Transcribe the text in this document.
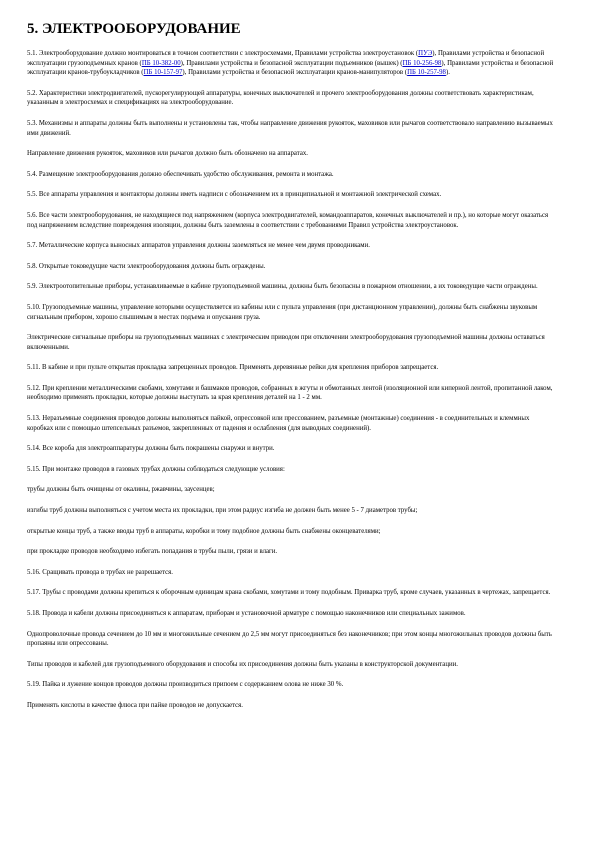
5. ЭЛЕКТРООБОРУДОВАНИЕ

5.1. Электрооборудование должно монтироваться в точном соответствии с электросхемами, Правилами устройства электроустановок (ПУЭ), Правилами устройства и безопасной эксплуатации грузоподъемных кранов (ПБ 10-382-00), Правилами устройства и безопасной эксплуатации подъемников (вышек) (ПБ 10-256-98), Правилами устройства и безопасной эксплуатации кранов-трубоукладчиков (ПБ 10-157-97), Правилами устройства и безопасной эксплуатации кранов-манипуляторов (ПБ 10-257-98).

5.2. Характеристики электродвигателей, пускорегулирующей аппаратуры, конечных выключателей и прочего электрооборудования должны соответствовать характеристикам, указанным в электросхемах и спецификациях на электрооборудование.

5.3. Механизмы и аппараты должны быть выполнены и установлены так, чтобы направление движения рукояток, маховиков или рычагов соответствовало направлению вызываемых ими движений.

Направление движения рукояток, маховиков или рычагов должно быть обозначено на аппаратах.

5.4. Размещение электрооборудования должно обеспечивать удобство обслуживания, ремонта и монтажа.

5.5. Все аппараты управления и контакторы должны иметь надписи с обозначением их в принципиальной и монтажной электрической схемах.

5.6. Все части электрооборудования, не находящиеся под напряжением (корпуса электродвигателей, командоаппаратов, конечных выключателей и пр.), но которые могут оказаться под напряжением вследствие повреждения изоляции, должны быть заземлены в соответствии с требованиями Правил устройства электроустановок.

5.7. Металлические корпуса выносных аппаратов управления должны заземляться не менее чем двумя проводниками.

5.8. Открытые токоведущие части электрооборудования должны быть ограждены.

5.9. Электроотопительные приборы, устанавливаемые в кабине грузоподъемной машины, должны быть безопасны в пожарном отношении, а их токоведущие части ограждены.

5.10. Грузоподъемные машины, управление которыми осуществляется из кабины или с пульта управления (при дистанционном управлении), должны быть снабжены звуковым сигнальным прибором, хорошо слышимым в местах подъема и опускания груза.

Электрические сигнальные приборы на грузоподъемных машинах с электрическим приводом при отключении электрооборудования грузоподъемной машины должны оставаться включенными.

5.11. В кабине и при пульте открытая прокладка запрещенных проводов. Применять деревянные рейки для крепления приборов запрещается.

5.12. При креплении металлическими скобами, хомутами и башмаков проводов, собранных в жгуты и обмотанных лентой (изоляционной или киперной лентой, пропитанной лаком, необходимо применять прокладки, которые должны выступать за края крепления деталей на 1 - 2 мм.

5.13. Неразъемные соединения проводов должны выполняться пайкой, опрессовкой или прессованием, разъемные (монтажные) соединения - в соединительных и клеммных коробках или с помощью штепсельных разъемов, закрепленных от падения и ослабления (для выводных соединений).

5.14. Все короба для электроаппаратуры должны быть покрашены снаружи и внутри.

5.15. При монтаже проводов в газовых трубах должны соблюдаться следующие условия:

трубы должны быть очищены от окалины, ржавчины, заусенцев;

изгибы труб должны выполняться с учетом места их прокладки, при этом радиус изгиба не должен быть менее 5 - 7 диаметров трубы;

открытые концы труб, а также вводы труб в аппараты, коробки и тому подобное должны быть снабжены оконцевателями;

при прокладке проводов необходимо избегать попадания в трубы пыли, грязи и влаги.

5.16. Сращивать провода в трубах не разрешается.

5.17. Трубы с проводами должны крепиться к оборочным единицам крана скобами, хомутами и тому подобным. Приварка труб, кроме случаев, указанных в чертежах, запрещается.

5.18. Провода и кабели должны присоединяться к аппаратам, приборам и установочной арматуре с помощью наконечников или специальных зажимов.

Однопроволочные провода сечением до 10 мм и многожильные сечением до 2,5 мм могут присоединяться без наконечников; при этом концы многожильных проводов должны быть пропаяны или опрессованы.

Типы проводов и кабелей для грузоподъемного оборудования и способы их присоединения должны быть указаны в конструкторской документации.

5.19. Пайка и лужение концов проводов должны производиться припоем с содержанием олова не ниже 30 %.

Применять кислоты в качестве флюса при пайке проводов не допускается.
